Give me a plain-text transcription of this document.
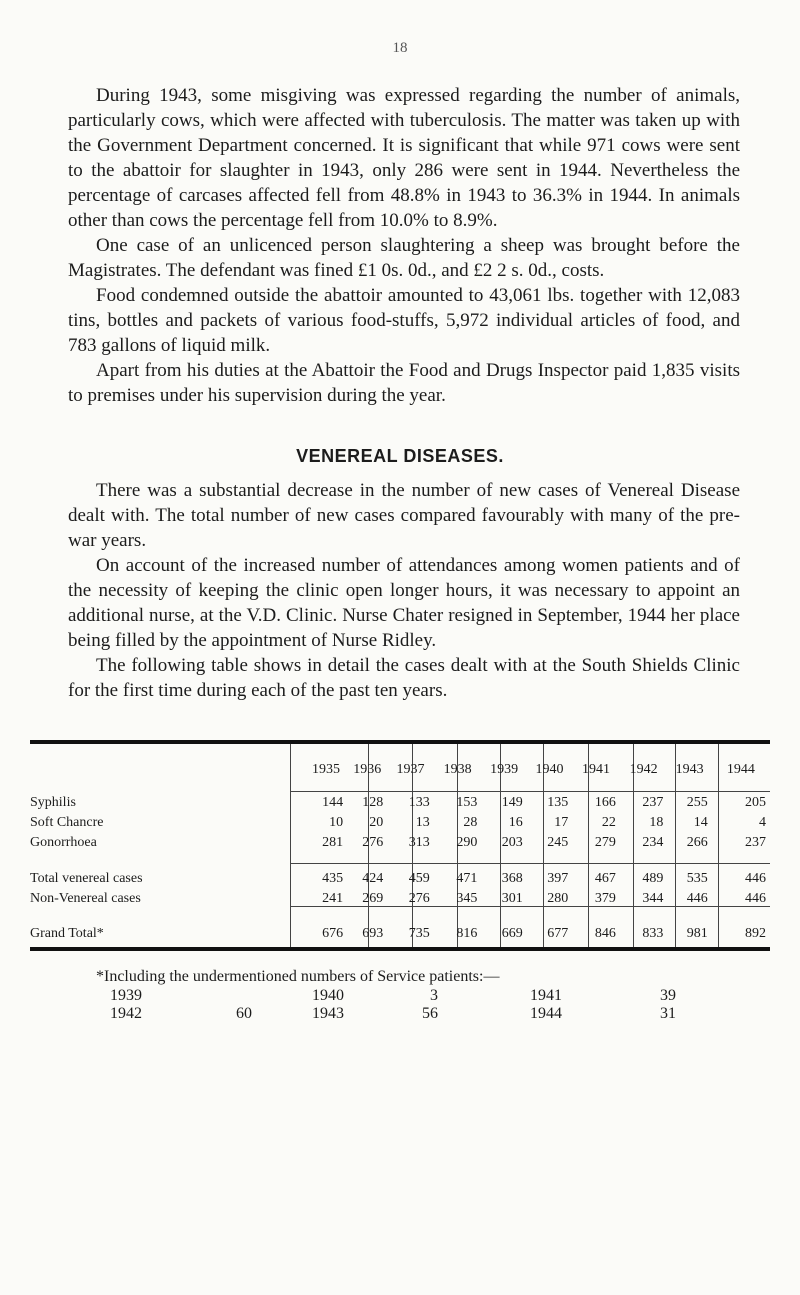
18

During 1943, some misgiving was expressed regarding the number of animals, particularly cows, which were affected with tuberculosis. The matter was taken up with the Government Department concerned. It is significant that while 971 cows were sent to the abattoir for slaughter in 1943, only 286 were sent in 1944. Nevertheless the percentage of carcases affected fell from 48.8% in 1943 to 36.3% in 1944. In animals other than cows the percentage fell from 10.0% to 8.9%.

One case of an unlicenced person slaughtering a sheep was brought before the Magistrates. The defendant was fined £1 0s. 0d., and £2 2 s. 0d., costs.

Food condemned outside the abattoir amounted to 43,061 lbs. together with 12,083 tins, bottles and packets of various food-stuffs, 5,972 individual articles of food, and 783 gallons of liquid milk.

Apart from his duties at the Abattoir the Food and Drugs Inspector paid 1,835 visits to premises under his supervision during the year.

VENEREAL DISEASES.

There was a substantial decrease in the number of new cases of Venereal Disease dealt with. The total number of new cases compared favourably with many of the pre-war years.

On account of the increased number of attendances among women patients and of the necessity of keeping the clinic open longer hours, it was necessary to appoint an additional nurse, at the V.D. Clinic. Nurse Chater resigned in September, 1944 her place being filled by the appointment of Nurse Ridley.

The following table shows in detail the cases dealt with at the South Shields Clinic for the first time during each of the past ten years.

	1935	1936	1937	1938	1939	1940	1941	1942	1943	1944
Syphilis	144	128	133	153	149	135	166	237	255	205
Soft Chancre	10	20	13	28	16	17	22	18	14	4
Gonorrhoea	281	276	313	290	203	245	279	234	266	237

Total venereal cases	435	424	459	471	368	397	467	489	535	446
Non-Venereal cases	241	269	276	345	301	280	379	344	446	446

Grand Total*	676	693	735	816	669	677	846	833	981	892
*Including the undermentioned numbers of Service patients:—
1939	1940	3	1941	39
1942	60	1943	56	1944	31
